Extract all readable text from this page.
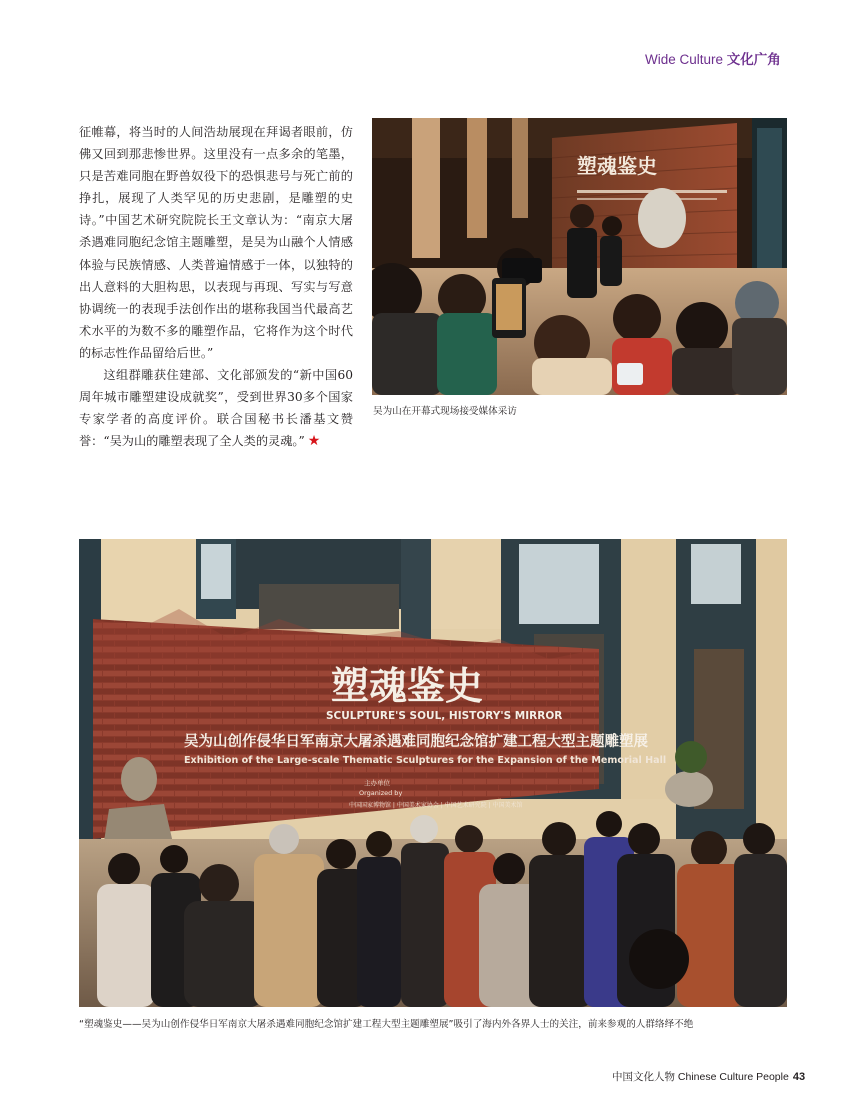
Wide Culture 文化广角

征帷幕，将当时的人间浩劫展现在拜谒者眼前，仿佛又回到那悲惨世界。这里没有一点多余的笔墨，只是苦难同胞在野兽奴役下的恐惧悲号与死亡前的挣扎，展现了人类罕见的历史悲剧，是雕塑的史诗。”中国艺术研究院院长王文章认为：“南京大屠杀遇难同胞纪念馆主题雕塑，是吴为山融个人情感体验与民族情感、人类普遍情感于一体，以独特的出人意料的大胆构思，以表现与再现、写实与写意协调统一的表现手法创作出的堪称我国当代最高艺术水平的为数不多的雕塑作品，它将作为这个时代的标志性作品留给后世。”

这组群雕获住建部、文化部颁发的“新中国60周年城市雕塑建设成就奖”，受到世界30多个国家专家学者的高度评价。联合国秘书长潘基文赞誉：“吴为山的雕塑表现了全人类的灵魂。” ★

塑魂鉴史
吴为山在开幕式现场接受媒体采访
塑魂鉴史
SCULPTURE'S SOUL, HISTORY'S MIRROR
吴为山创作侵华日军南京大屠杀遇难同胞纪念馆扩建工程大型主题雕塑展
Exhibition of the Large-scale Thematic Sculptures for the Expansion of the Memorial Hall
主办单位
Organized by
中国国家博物馆 | 中国美术家协会 | 中国艺术研究院 | 中国美术馆
“塑魂鉴史——吴为山创作侵华日军南京大屠杀遇难同胞纪念馆扩建工程大型主题雕塑展”吸引了海内外各界人士的关注，前来参观的人群络绎不绝
中国文化人物 Chinese Culture People 43
